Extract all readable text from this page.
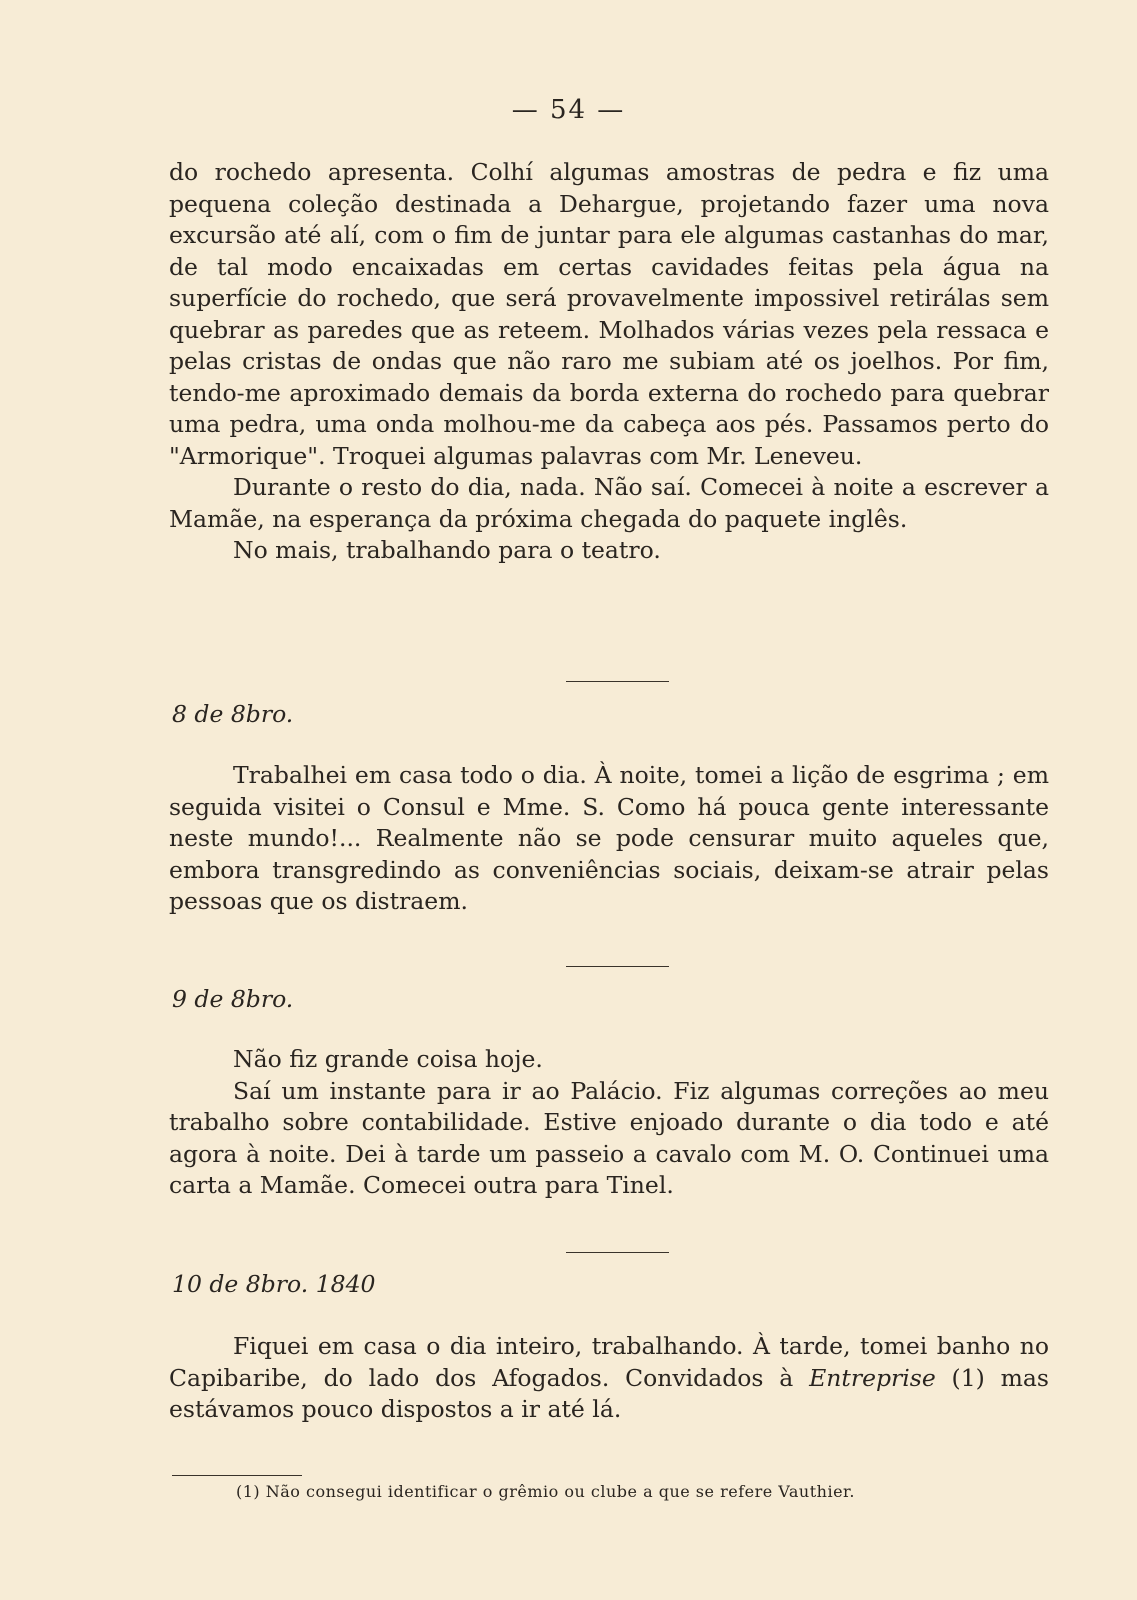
— 54 —

do rochedo apresenta. Colhí algumas amostras de pedra e fiz uma pequena coleção destinada a Dehargue, projetando fazer uma nova excursão até alí, com o fim de juntar para ele algumas castanhas do mar, de tal modo encaixadas em certas cavidades feitas pela água na superfície do rochedo, que será provavelmente impossivel retirálas sem quebrar as paredes que as reteem. Molhados várias vezes pela ressaca e pelas cristas de ondas que não raro me subiam até os joelhos. Por fim, tendo-me aproximado demais da borda externa do rochedo para quebrar uma pedra, uma onda molhou-me da cabeça aos pés. Passamos perto do "Armorique". Troquei algumas palavras com Mr. Leneveu.

Durante o resto do dia, nada. Não saí. Comecei à noite a escrever a Mamãe, na esperança da próxima chegada do paquete inglês.

No mais, trabalhando para o teatro.

8 de 8bro.

Trabalhei em casa todo o dia. À noite, tomei a lição de esgrima ; em seguida visitei o Consul e Mme. S. Como há pouca gente interessante neste mundo!... Realmente não se pode censurar muito aqueles que, embora transgredindo as conveniências sociais, deixam-se atrair pelas pessoas que os distraem.

9 de 8bro.

Não fiz grande coisa hoje.

Saí um instante para ir ao Palácio. Fiz algumas correções ao meu trabalho sobre contabilidade. Estive enjoado durante o dia todo e até agora à noite. Dei à tarde um passeio a cavalo com M. O. Continuei uma carta a Mamãe. Comecei outra para Tinel.

10 de 8bro. 1840

Fiquei em casa o dia inteiro, trabalhando. À tarde, tomei banho no Capibaribe, do lado dos Afogados. Convidados à Entreprise (1) mas estávamos pouco dispostos a ir até lá.

(1) Não consegui identificar o grêmio ou clube a que se refere Vauthier.
